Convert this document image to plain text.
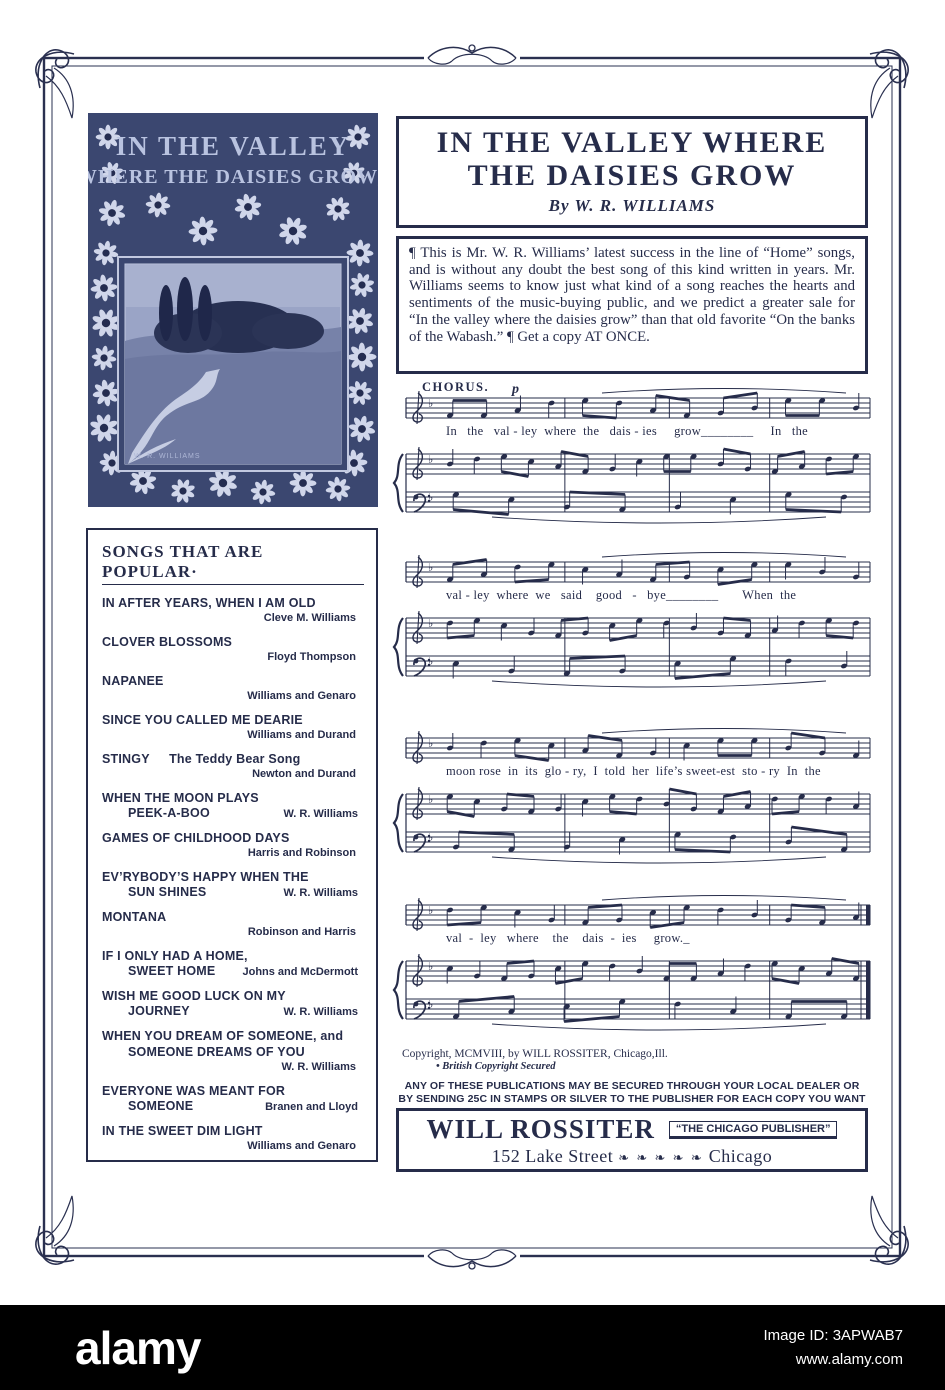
IN THE VALLEY
WHERE THE DAISIES GROW_
W. R. WILLIAMS
IN THE VALLEY WHERE
THE DAISIES GROW
By W. R. WILLIAMS
¶ This is Mr. W. R. Williams’ latest success in the line of “Home” songs, and is without any doubt the best song of this kind written in years. Mr. Williams seems to know just what kind of a song reaches the hearts and sentiments of the music-buying public, and we predict a greater sale for “In the valley where the daisies grow” than that old favorite “On the banks of the Wabash.” ¶ Get a copy AT ONCE.
CHORUS. p
♭
♭
♭
In   the   val - ley  where  the   dais - ies     grow________     In   the
♭
♭
♭
val - ley  where  we   said    good   -   bye________       When  the
♭
♭
♭
moon rose  in  its  glo - ry,  I  told  her  life’s sweet-est  sto - ry  In  the
♭
♭
♭
val  -  ley   where    the    dais  -  ies     grow._
Copyright, MCMVIII, by WILL ROSSITER, Chicago,Ill.
• British Copyright Secured
ANY OF THESE PUBLICATIONS MAY BE SECURED THROUGH YOUR LOCAL DEALER OR
BY SENDING 25C IN STAMPS OR SILVER TO THE PUBLISHER FOR EACH COPY YOU WANT
WILL ROSSITER	“THE CHICAGO PUBLISHER”
152 Lake Street ❧ ❧ ❧ ❧ ❧ Chicago
SONGS THAT ARE POPULAR·
IN AFTER YEARS, WHEN I AM OLD
Cleve M. Williams
CLOVER BLOSSOMS
Floyd Thompson
NAPANEE
Williams and Genaro
SINCE YOU CALLED ME DEARIE
Williams and Durand
STINGY   The Teddy Bear Song
Newton and Durand
WHEN THE MOON PLAYS
PEEK-A-BOO	W. R. Williams
GAMES OF CHILDHOOD DAYS
Harris and Robinson
EV’RYBODY’S HAPPY WHEN THE
SUN SHINES	W. R. Williams
MONTANA
Robinson and Harris
IF I ONLY HAD A HOME,
SWEET HOME Johns and McDermott
WISH ME GOOD LUCK ON MY
JOURNEY	W. R. Williams
WHEN YOU DREAM OF SOMEONE, and
SOMEONE DREAMS OF YOU
W. R. Williams
EVERYONE WAS MEANT FOR
SOMEONE	Branen and Lloyd
IN THE SWEET DIM LIGHT
Williams and Genaro
alamy	Image ID: 3APWAB7
www.alamy.com
